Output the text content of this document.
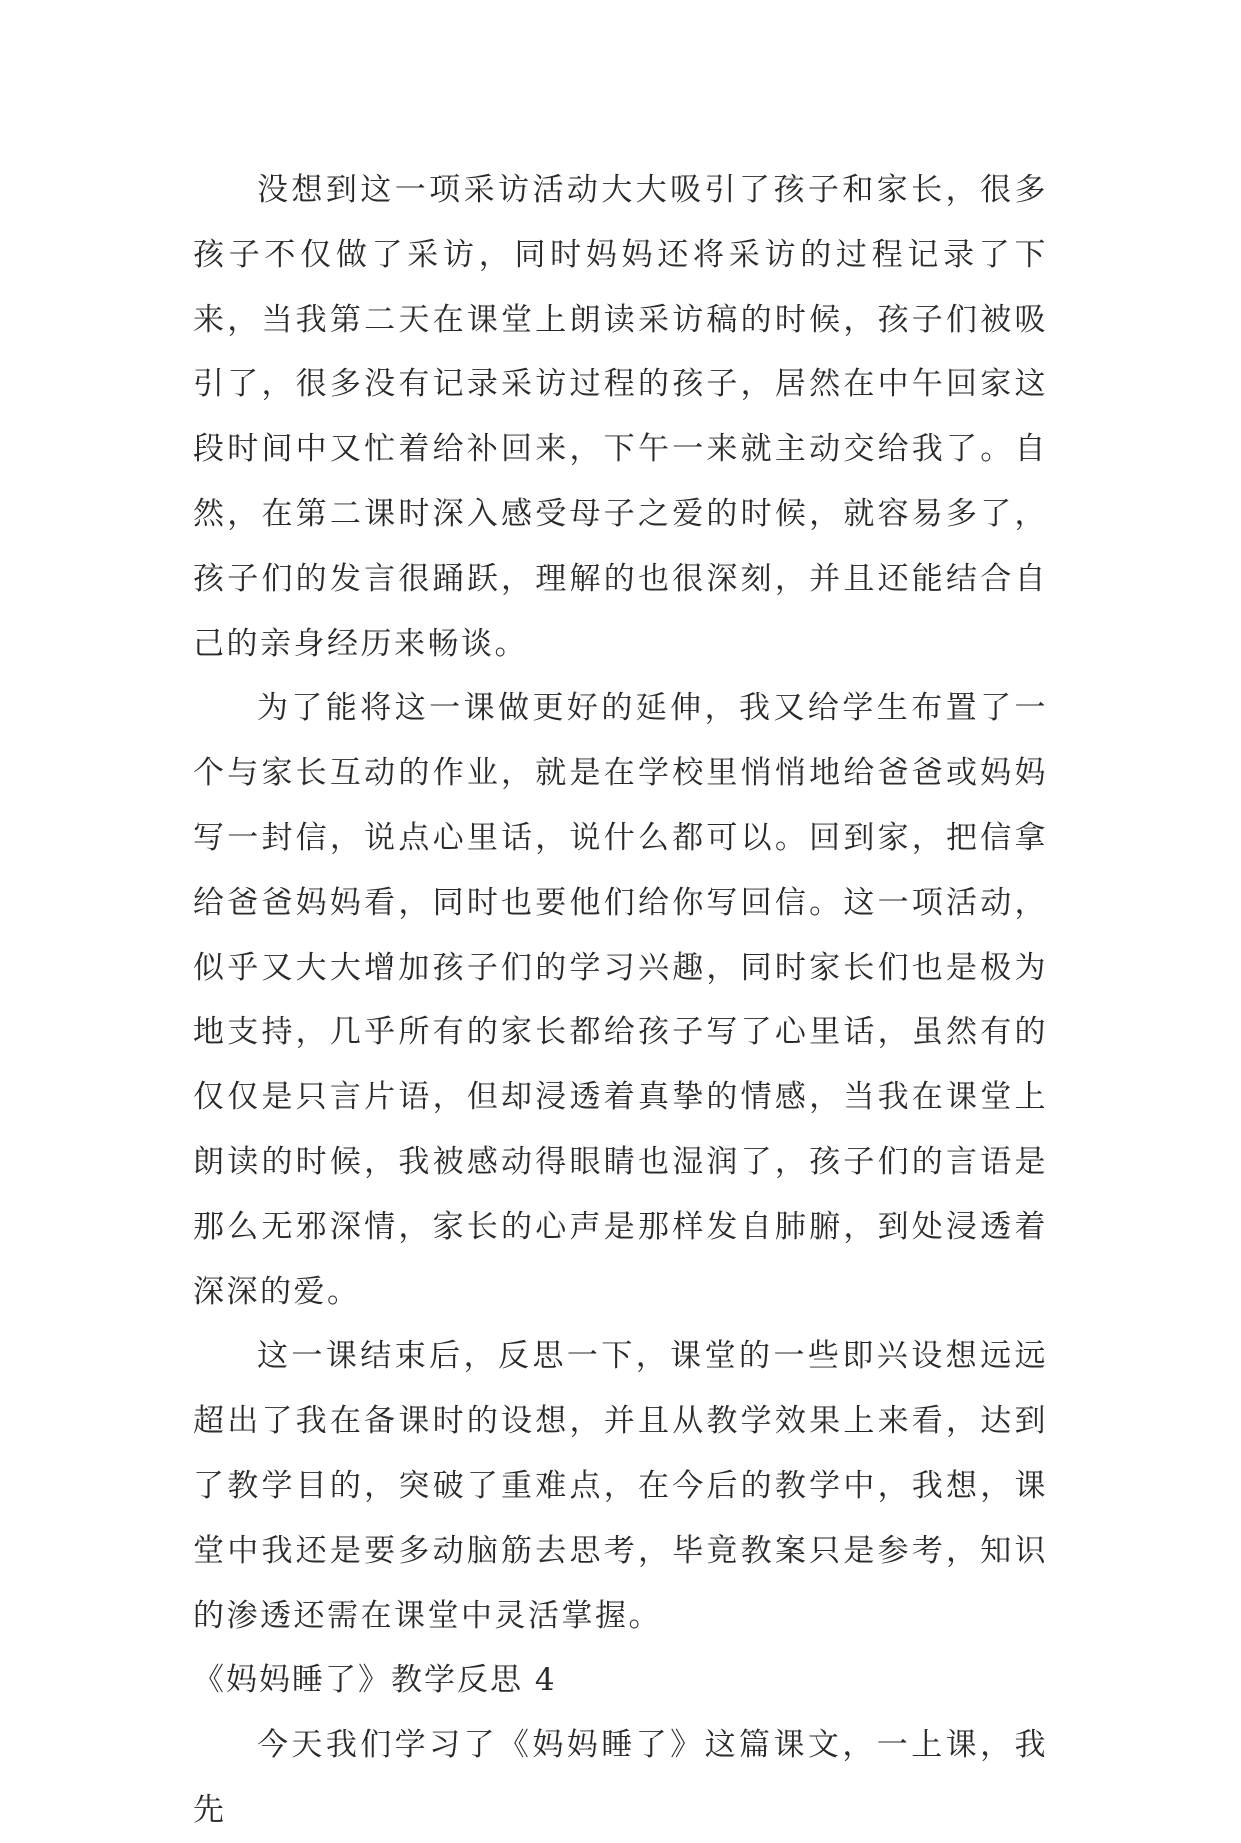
没想到这一项采访活动大大吸引了孩子和家长，很多孩子不仅做了采访，同时妈妈还将采访的过程记录了下来，当我第二天在课堂上朗读采访稿的时候，孩子们被吸引了，很多没有记录采访过程的孩子，居然在中午回家这段时间中又忙着给补回来，下午一来就主动交给我了。自然，在第二课时深入感受母子之爱的时候，就容易多了，孩子们的发言很踊跃，理解的也很深刻，并且还能结合自己的亲身经历来畅谈。

为了能将这一课做更好的延伸，我又给学生布置了一个与家长互动的作业，就是在学校里悄悄地给爸爸或妈妈写一封信，说点心里话，说什么都可以。回到家，把信拿给爸爸妈妈看，同时也要他们给你写回信。这一项活动，似乎又大大增加孩子们的学习兴趣，同时家长们也是极为地支持，几乎所有的家长都给孩子写了心里话，虽然有的仅仅是只言片语，但却浸透着真挚的情感，当我在课堂上朗读的时候，我被感动得眼睛也湿润了，孩子们的言语是那么无邪深情，家长的心声是那样发自肺腑，到处浸透着深深的爱。

这一课结束后，反思一下，课堂的一些即兴设想远远超出了我在备课时的设想，并且从教学效果上来看，达到了教学目的，突破了重难点，在今后的教学中，我想，课堂中我还是要多动脑筋去思考，毕竟教案只是参考，知识的渗透还需在课堂中灵活掌握。

《妈妈睡了》教学反思 4

今天我们学习了《妈妈睡了》这篇课文，一上课，我先
